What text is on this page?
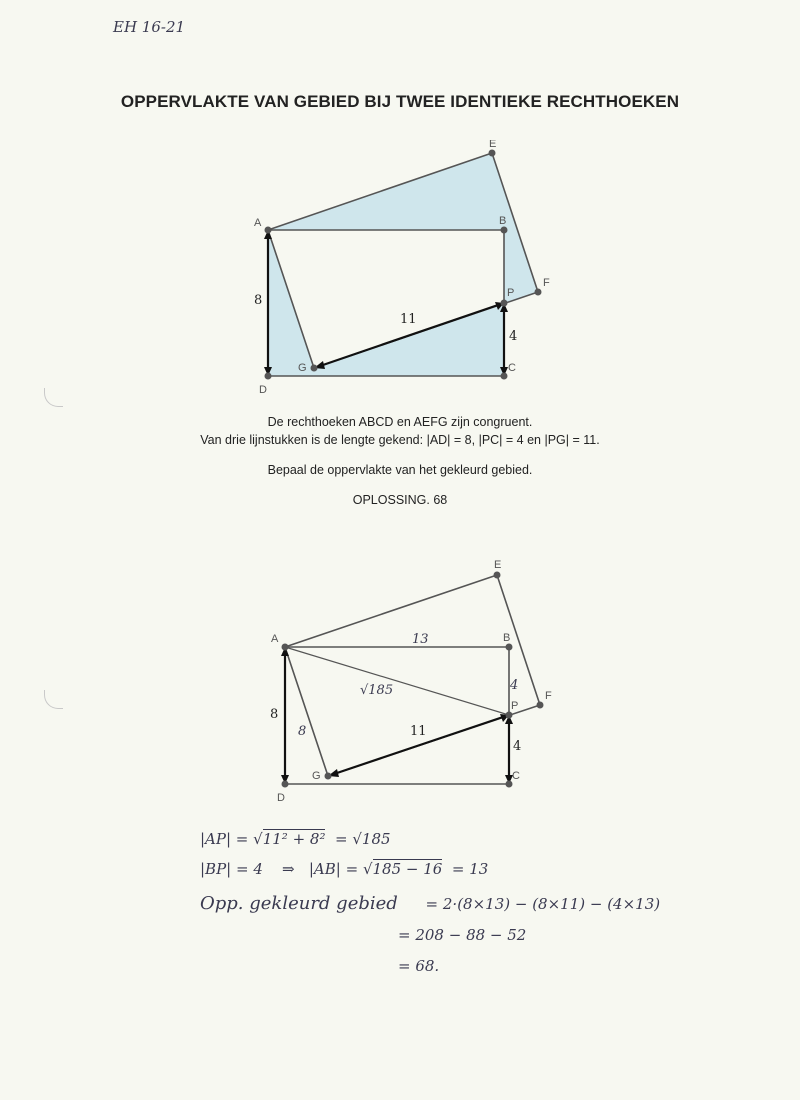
EH 16-21
OPPERVLAKTE VAN GEBIED BIJ TWEE IDENTIEKE RECHTHOEKEN
A	B
C
D
E
F
G
P
8
11
4
De rechthoeken ABCD en AEFG zijn congruent.
Van drie lijnstukken is de lengte gekend: |AD| = 8, |PC| = 4 en |PG| = 11.
Bepaal de oppervlakte van het gekleurd gebied.
OPLOSSING. 68
A	B
C
D
E
F
G
P
8
11
4
13
√185	4
8
|AP| = √11² + 8² = √185
|BP| = 4 ⇒ |AB| = √185 − 16 = 13
Opp. gekleurd gebied = 2·(8×13) − (8×11) − (4×13)
= 208 − 88 − 52
= 68.
